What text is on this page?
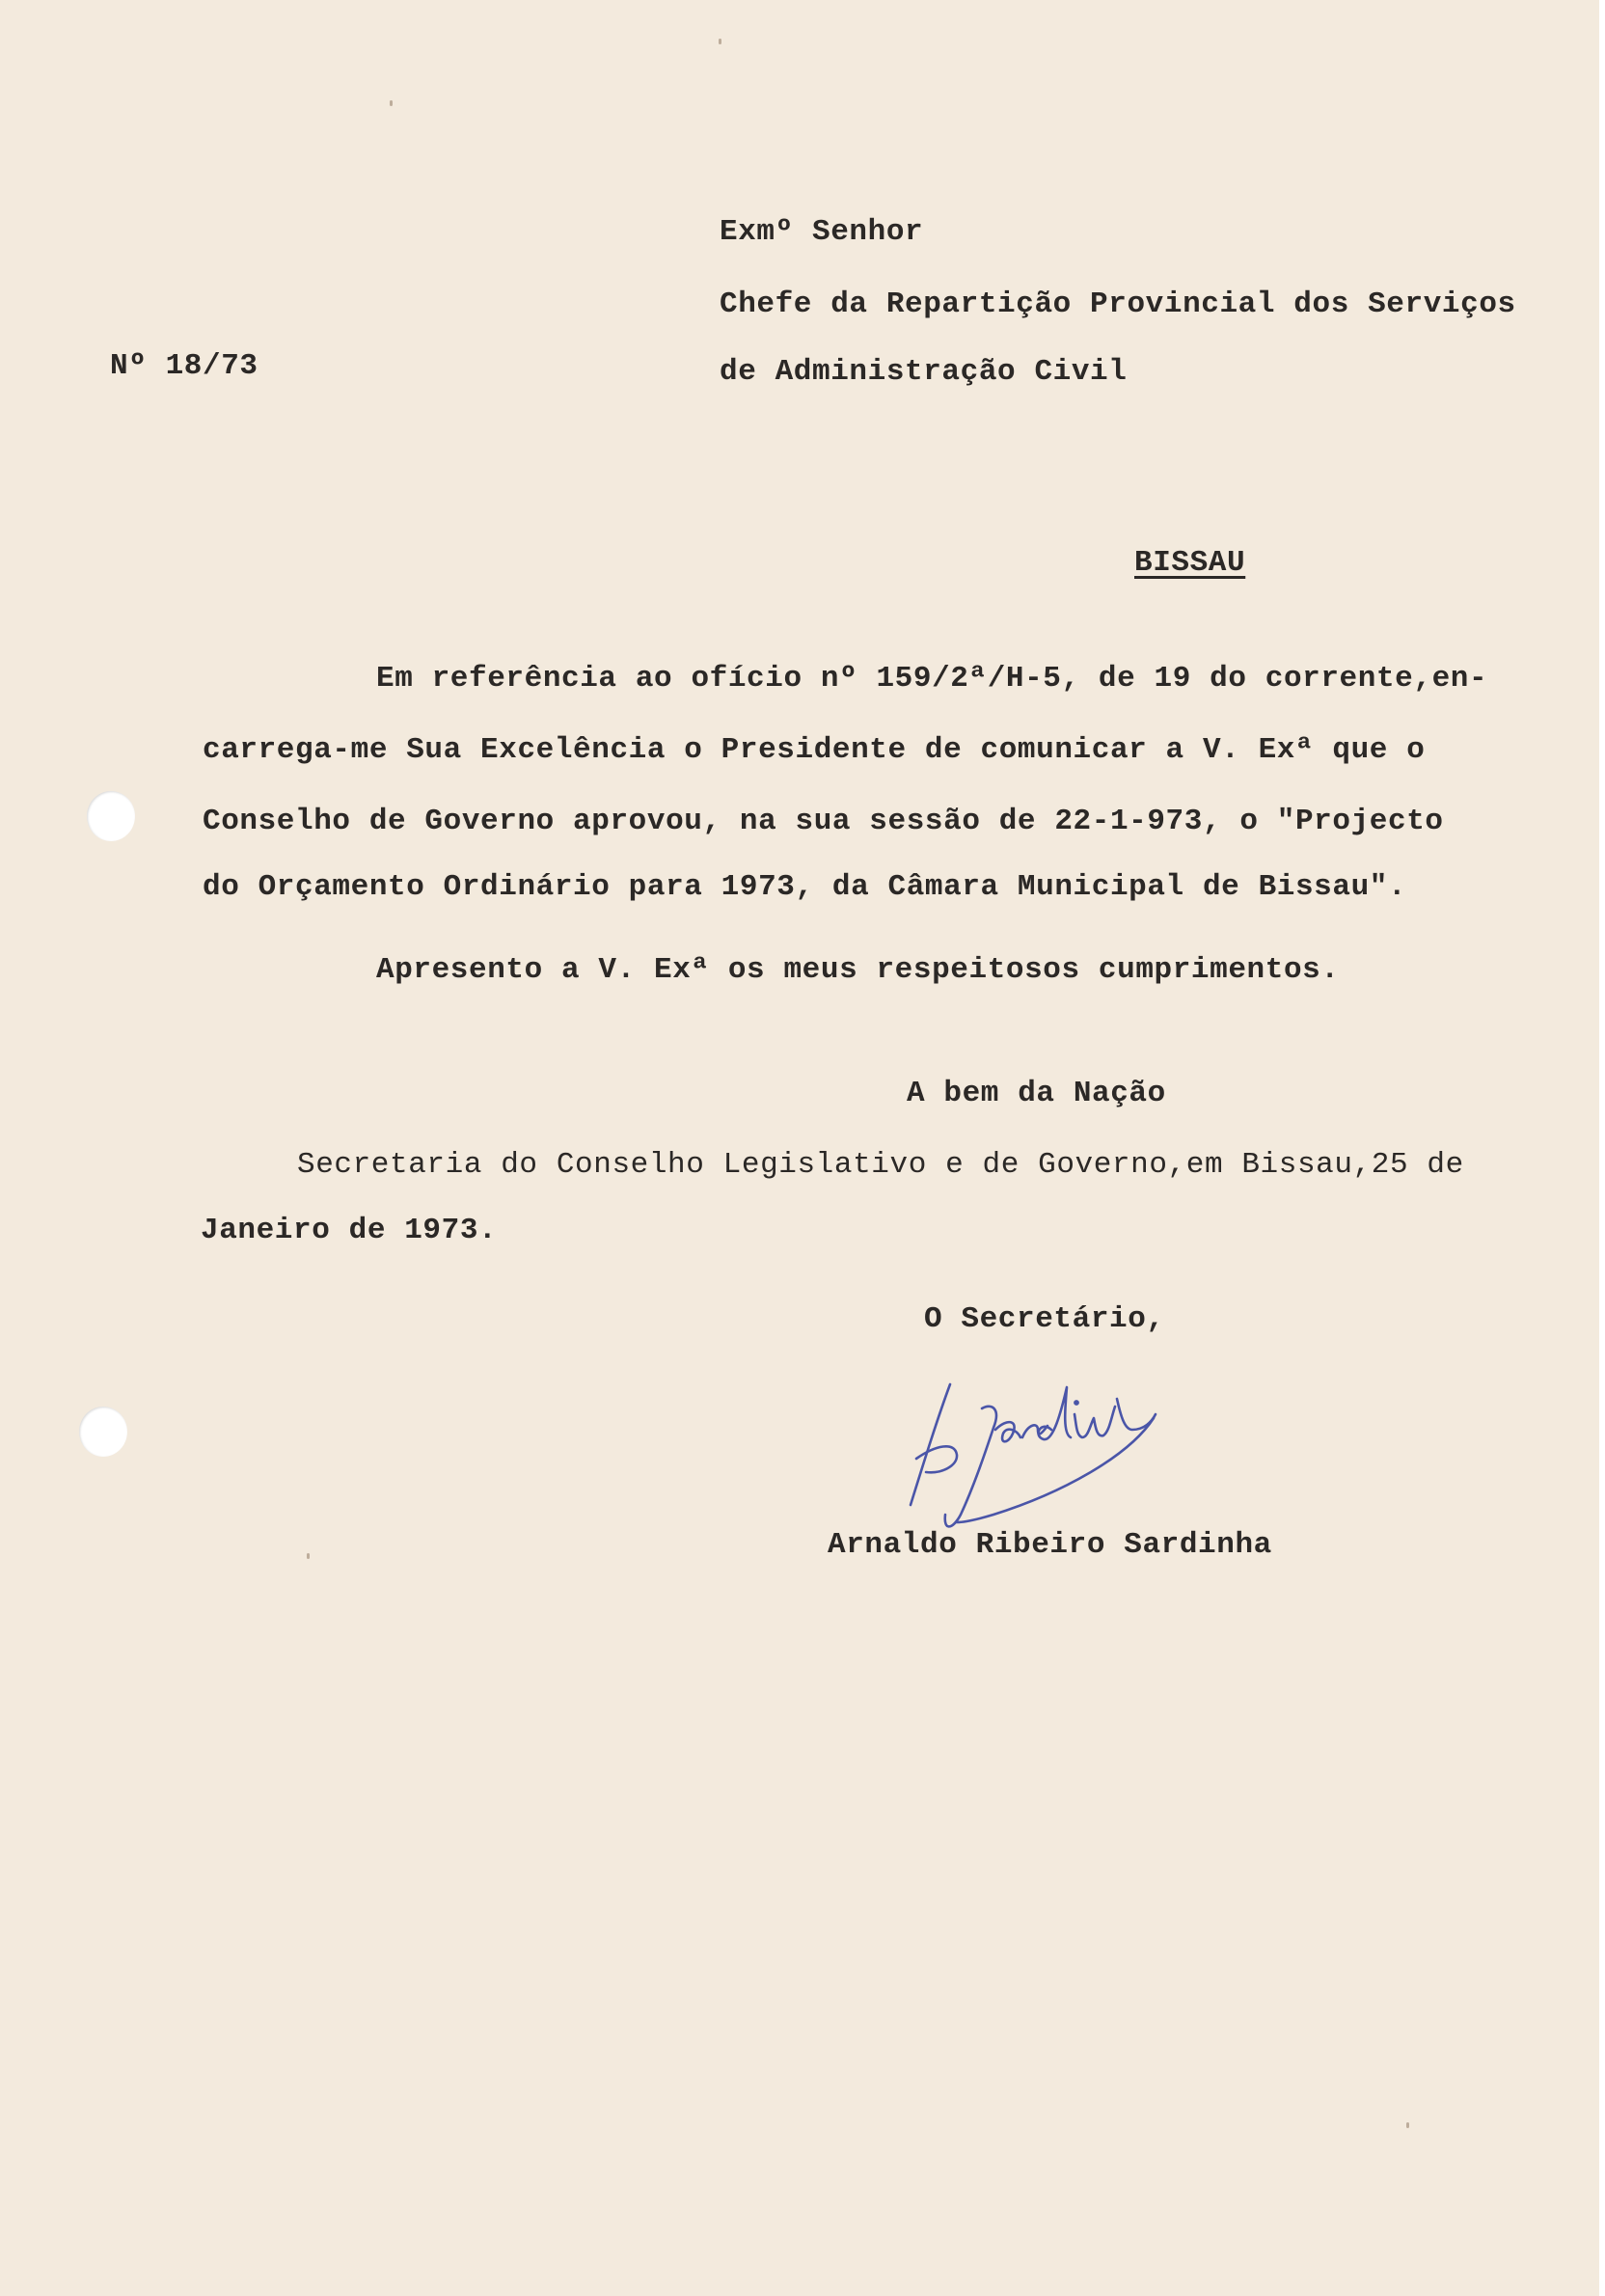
Nº 18/73
Exmº Senhor
Chefe da Repartição Provincial dos Serviços
de Administração Civil
BISSAU
Em referência ao ofício nº 159/2ª/H-5, de 19 do corrente,en-
carrega-me Sua Excelência o Presidente de comunicar a V. Exª que o
Conselho de Governo aprovou, na sua sessão de 22-1-973, o "Projecto
do Orçamento Ordinário para 1973, da Câmara Municipal de Bissau".
Apresento a V. Exª os meus respeitosos cumprimentos.
A bem da Nação
Secretaria do Conselho Legislativo e de Governo,em Bissau,25 de
Janeiro de 1973.
O Secretário,
Arnaldo Ribeiro Sardinha
